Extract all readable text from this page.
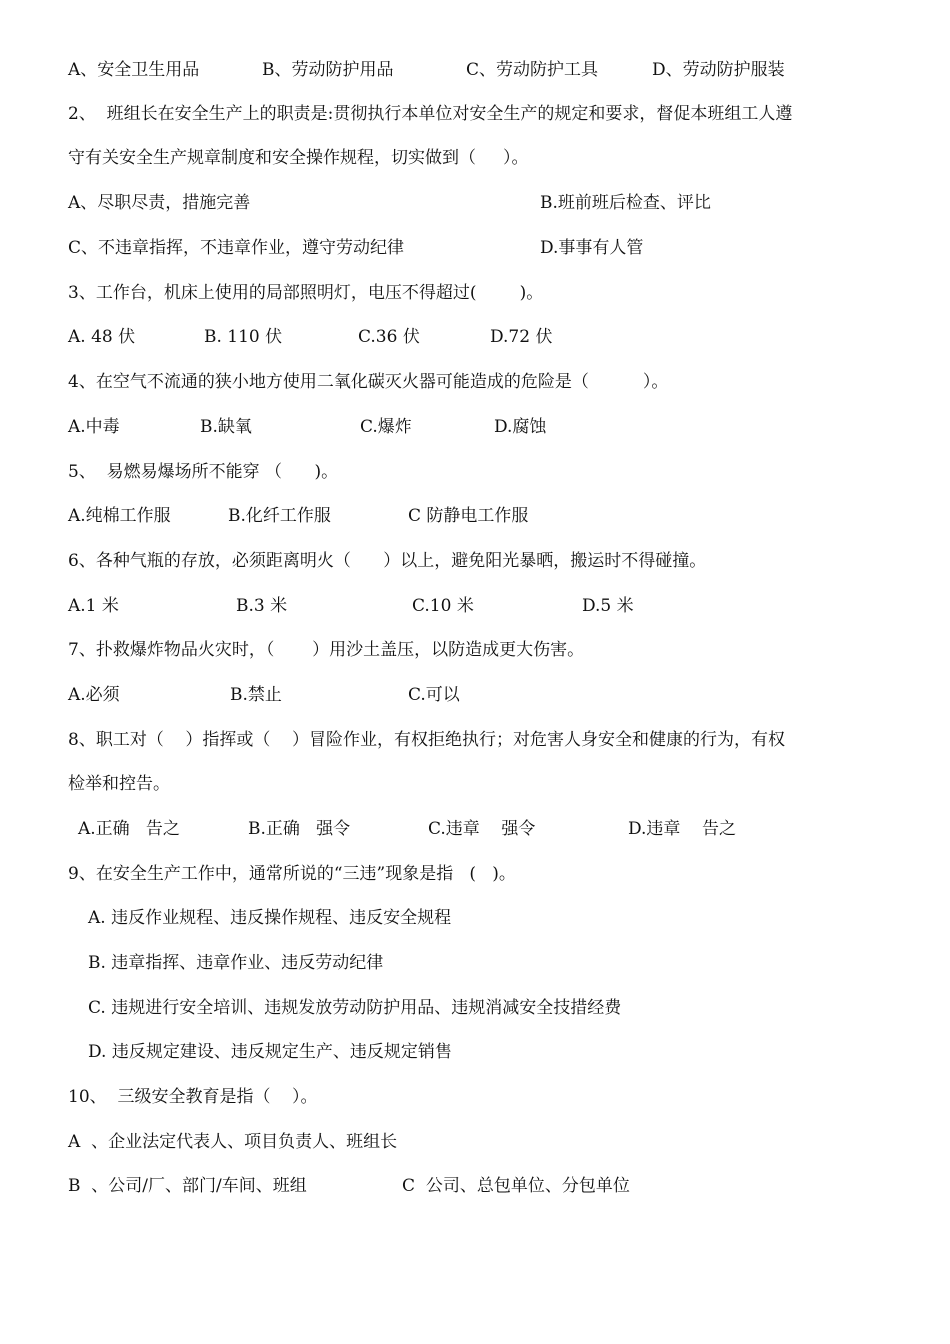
A、安全卫生用品

	B、劳动防护用品

	C、劳动防护工具

	D、劳动防护服装

2、  班组长在安全生产上的职责是:贯彻执行本单位对安全生产的规定和要求，督促本班组工人遵
守有关安全生产规章制度和安全操作规程，切实做到（     ）。

A、尽职尽责，措施完善

	B.班前班后检查、评比

C、不违章指挥，不违章作业，遵守劳动纪律

	D.事事有人管

3、工作台，机床上使用的局部照明灯，电压不得超过(        )。

A. 48 伏

	B. 110 伏

	C.36 伏

	D.72 伏

4、在空气不流通的狭小地方使用二氧化碳灭火器可能造成的危险是（          ）。

A.中毒

	B.缺氧

	C.爆炸

	D.腐蚀

5、  易燃易爆场所不能穿 （      )。

A.纯棉工作服

	B.化纤工作服

	C 防静电工作服

6、各种气瓶的存放，必须距离明火（      ）以上，避免阳光暴晒，搬运时不得碰撞。

A.1 米

	B.3 米

	C.10 米

	D.5 米

7、扑救爆炸物品火灾时，（       ）用沙土盖压，以防造成更大伤害。

A.必须

	B.禁止

	C.可以

8、职工对（    ）指挥或（    ）冒险作业，有权拒绝执行；对危害人身安全和健康的行为，有权
检举和控告。

A.正确   告之

	B.正确   强令

	C.违章    强令

	D.违章    告之

9、在安全生产工作中，通常所说的“三违”现象是指   (   )。
A. 违反作业规程、违反操作规程、违反安全规程
B. 违章指挥、违章作业、违反劳动纪律
C. 违规进行安全培训、违规发放劳动防护用品、违规消减安全技措经费
D. 违反规定建设、违反规定生产、违反规定销售
10、  三级安全教育是指（    ）。
A  、企业法定代表人、项目负责人、班组长

B  、公司/厂、部门/车间、班组

	C  公司、总包单位、分包单位
